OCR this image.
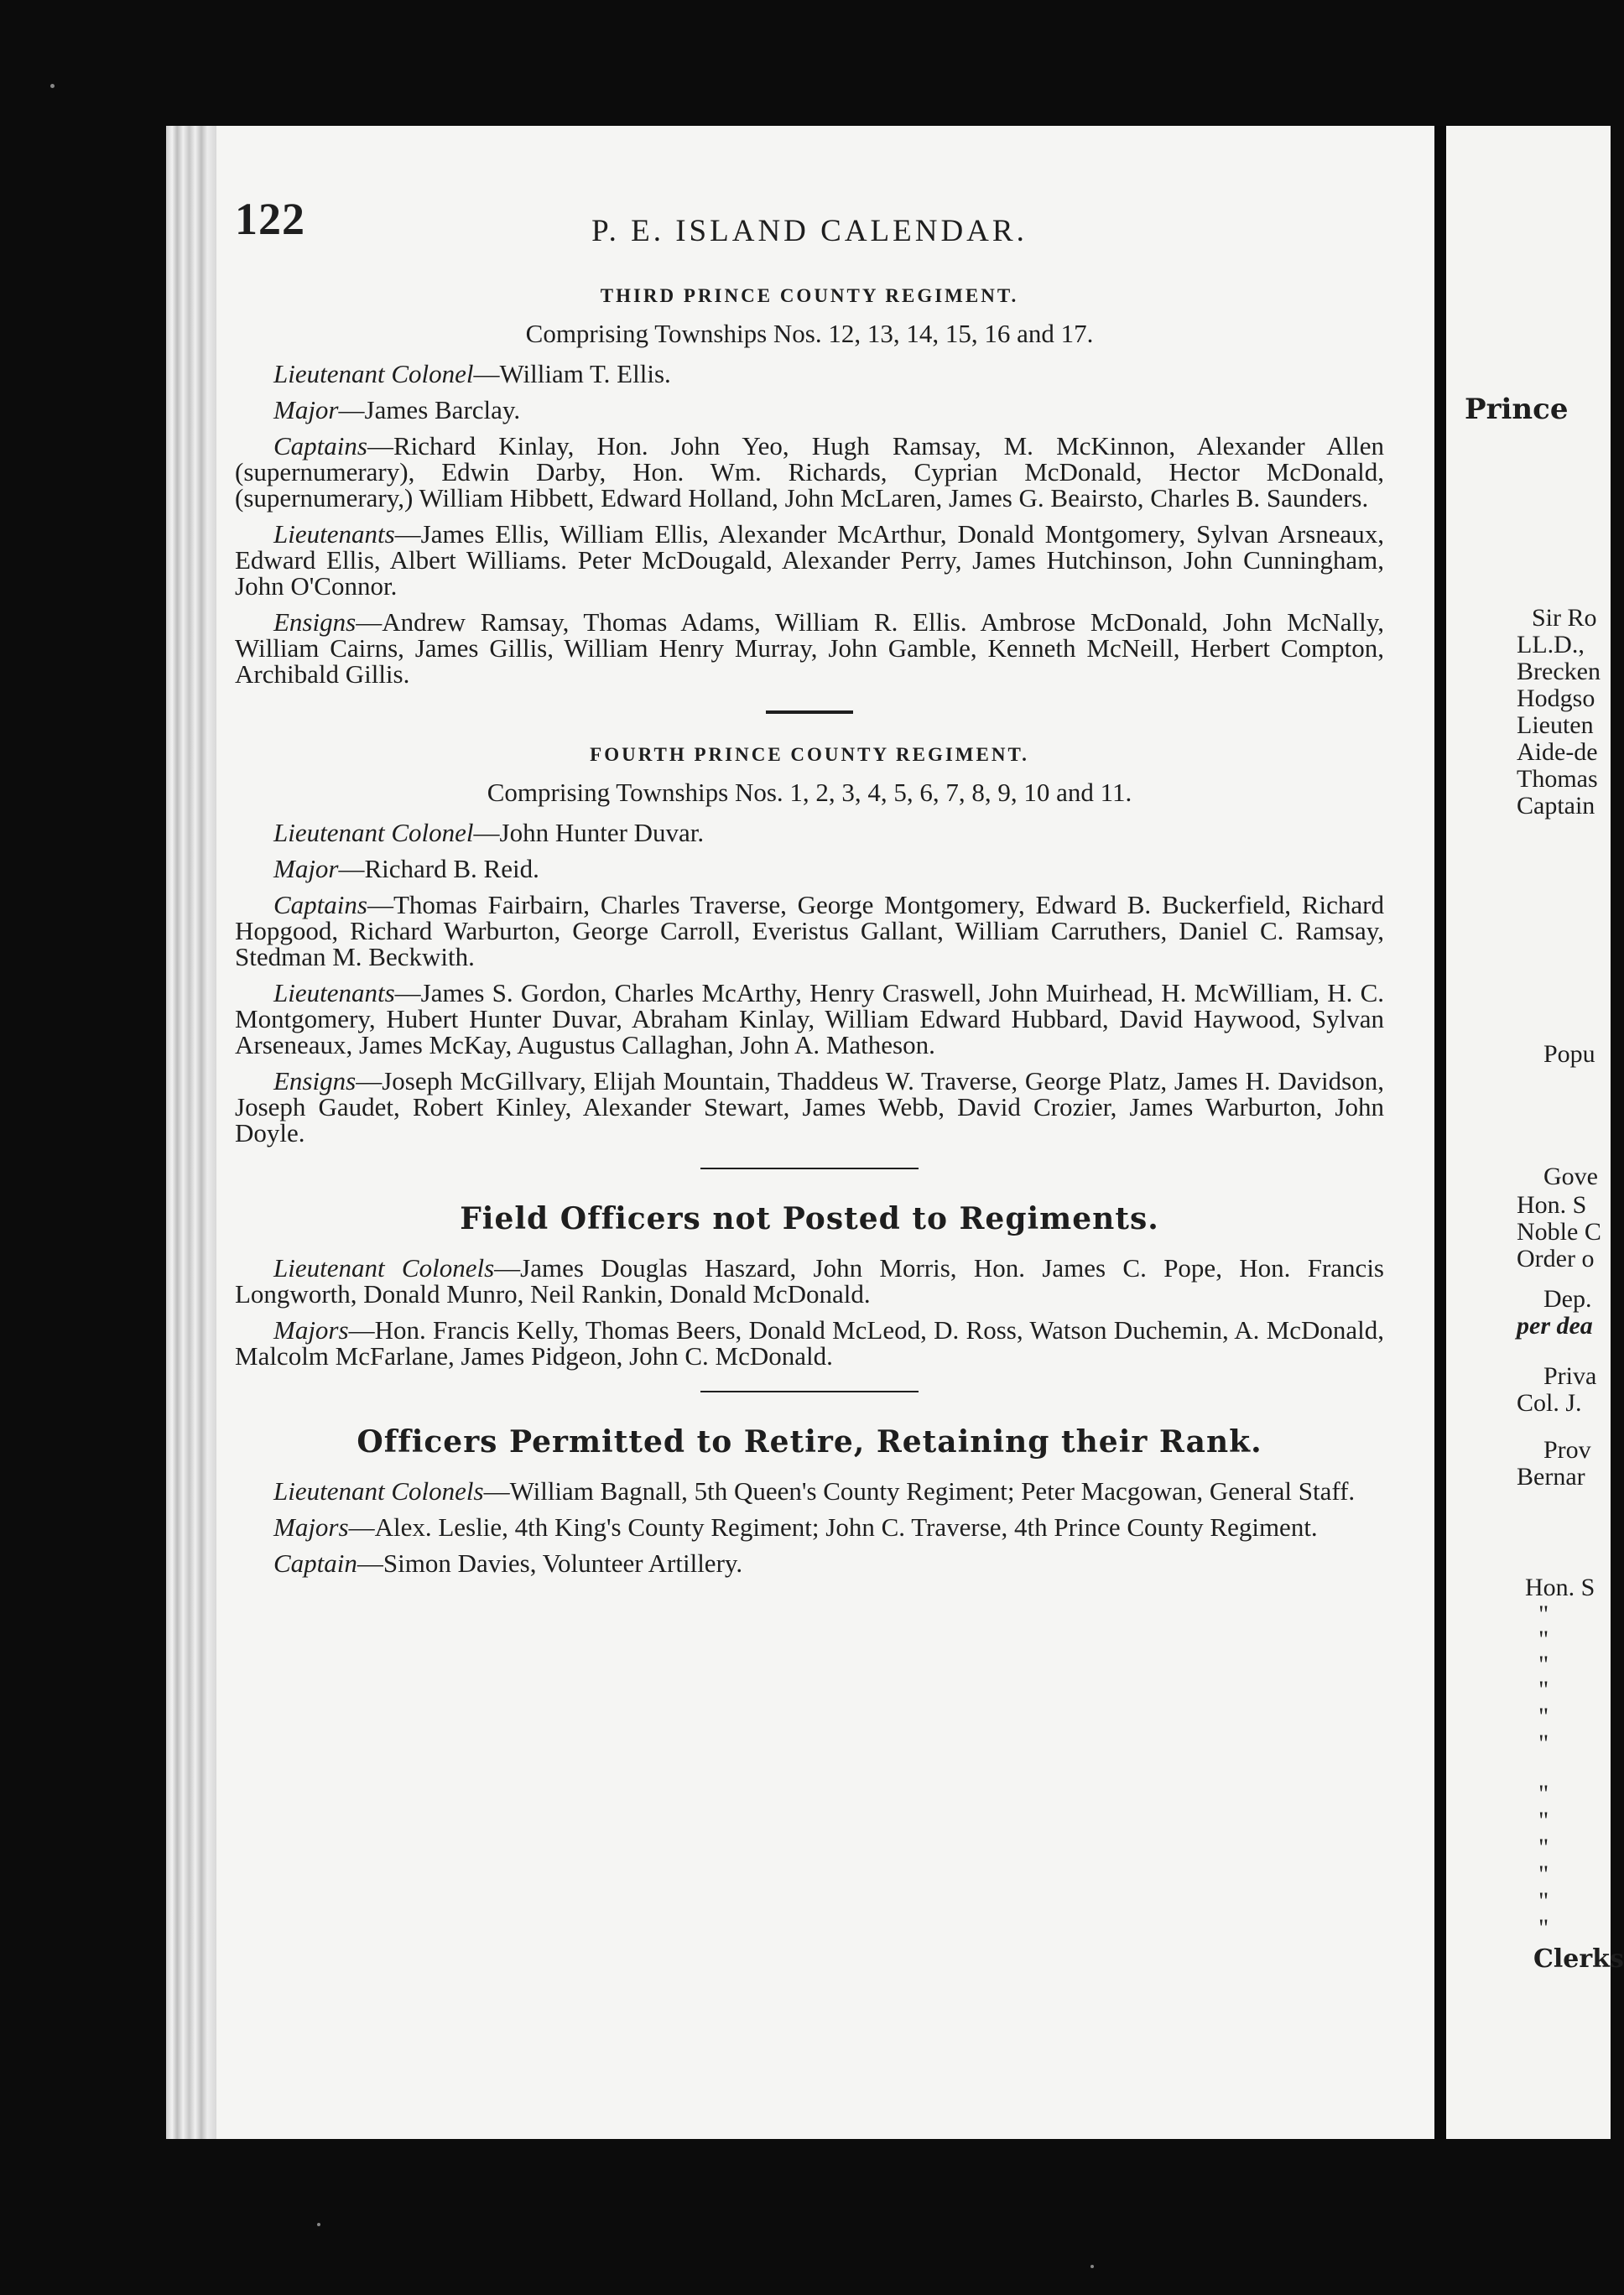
122	P. E. ISLAND CALENDAR.
THIRD PRINCE COUNTY REGIMENT.
Comprising Townships Nos. 12, 13, 14, 15, 16 and 17.

Lieutenant Colonel—William T. Ellis.

Major—James Barclay.

Captains—Richard Kinlay, Hon. John Yeo, Hugh Ramsay, M. McKinnon, Alexander Allen (supernumerary), Edwin Darby, Hon. Wm. Richards, Cyprian McDonald, Hector McDonald, (supernumerary,) William Hibbett, Edward Holland, John McLaren, James G. Beairsto, Charles B. Saunders.

Lieutenants—James Ellis, William Ellis, Alexander McArthur, Donald Montgomery, Sylvan Arsneaux, Edward Ellis, Albert Williams. Peter McDougald, Alexander Perry, James Hutchinson, John Cunningham, John O'Connor.

Ensigns—Andrew Ramsay, Thomas Adams, William R. Ellis. Ambrose McDonald, John McNally, William Cairns, James Gillis, William Henry Murray, John Gamble, Kenneth McNeill, Herbert Compton, Archibald Gillis.

FOURTH PRINCE COUNTY REGIMENT.
Comprising Townships Nos. 1, 2, 3, 4, 5, 6, 7, 8, 9, 10 and 11.

Lieutenant Colonel—John Hunter Duvar.

Major—Richard B. Reid.

Captains—Thomas Fairbairn, Charles Traverse, George Montgomery, Edward B. Buckerfield, Richard Hopgood, Richard Warburton, George Carroll, Everistus Gallant, William Carruthers, Daniel C. Ramsay, Stedman M. Beckwith.

Lieutenants—James S. Gordon, Charles McArthy, Henry Craswell, John Muirhead, H. McWilliam, H. C. Montgomery, Hubert Hunter Duvar, Abraham Kinlay, William Edward Hubbard, David Haywood, Sylvan Arseneaux, James McKay, Augustus Callaghan, John A. Matheson.

Ensigns—Joseph McGillvary, Elijah Mountain, Thaddeus W. Traverse, George Platz, James H. Davidson, Joseph Gaudet, Robert Kinley, Alexander Stewart, James Webb, David Crozier, James Warburton, John Doyle.

Field Officers not Posted to Regiments.

Lieutenant Colonels—James Douglas Haszard, John Morris, Hon. James C. Pope, Hon. Francis Longworth, Donald Munro, Neil Rankin, Donald McDonald.

Majors—Hon. Francis Kelly, Thomas Beers, Donald McLeod, D. Ross, Watson Duchemin, A. McDonald, Malcolm McFarlane, James Pidgeon, John C. McDonald.

Officers Permitted to Retire, Retaining their Rank.

Lieutenant Colonels—William Bagnall, 5th Queen's County Regiment; Peter Macgowan, General Staff.

Majors—Alex. Leslie, 4th King's County Regiment; John C. Traverse, 4th Prince County Regiment.

Captain—Simon Davies, Volunteer Artillery.

Prince
Sir Ro
LL.D.,
Brecken
Hodgso
Lieuten
Aide-de
Thomas
Captain
Popu
Gove
Hon. S
Noble C
Order o
Dep.
per dea
Priva
Col. J.
Prov
Bernar
Hon. S
"
"
"
"
"
"
"
"
"
"
"
"
Clerks
